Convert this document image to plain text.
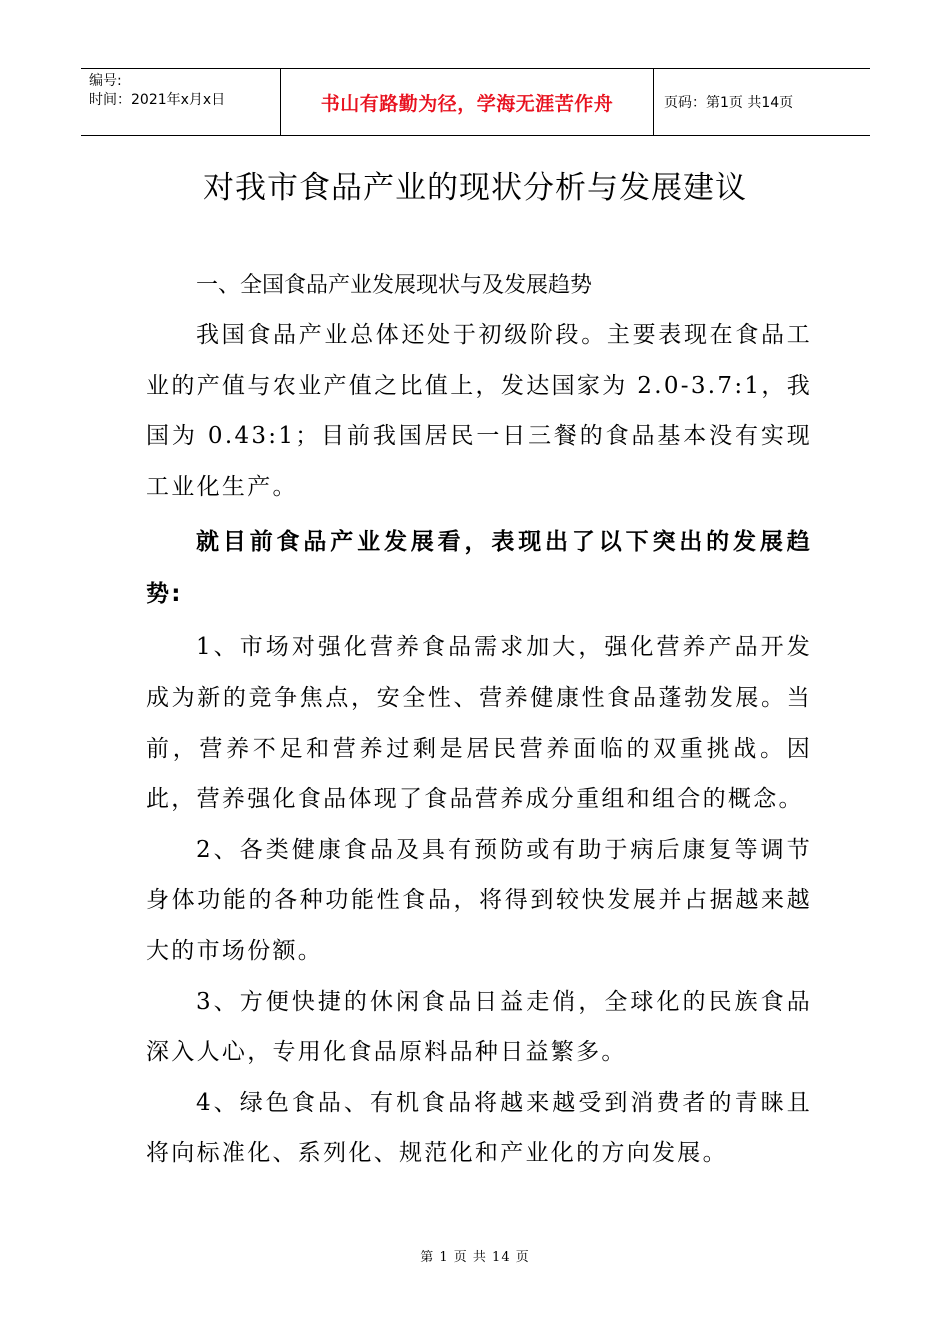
编号:
时间：2021年x月x日	书山有路勤为径，学海无涯苦作舟	页码：第1页 共14页
对我市食品产业的现状分析与发展建议
一、全国食品产业发展现状与及发展趋势

我国食品产业总体还处于初级阶段。主要表现在食品工业的产值与农业产值之比值上，发达国家为 2.0-3.7:1，我国为 0.43:1；目前我国居民一日三餐的食品基本没有实现工业化生产。

就目前食品产业发展看，表现出了以下突出的发展趋势:

1、市场对强化营养食品需求加大，强化营养产品开发成为新的竞争焦点，安全性、营养健康性食品蓬勃发展。当前，营养不足和营养过剩是居民营养面临的双重挑战。因此，营养强化食品体现了食品营养成分重组和组合的概念。

2、各类健康食品及具有预防或有助于病后康复等调节身体功能的各种功能性食品，将得到较快发展并占据越来越大的市场份额。

3、方便快捷的休闲食品日益走俏，全球化的民族食品深入人心，专用化食品原料品种日益繁多。

4、绿色食品、有机食品将越来越受到消费者的青睐且将向标准化、系列化、规范化和产业化的方向发展。

第 1 页 共 14 页
